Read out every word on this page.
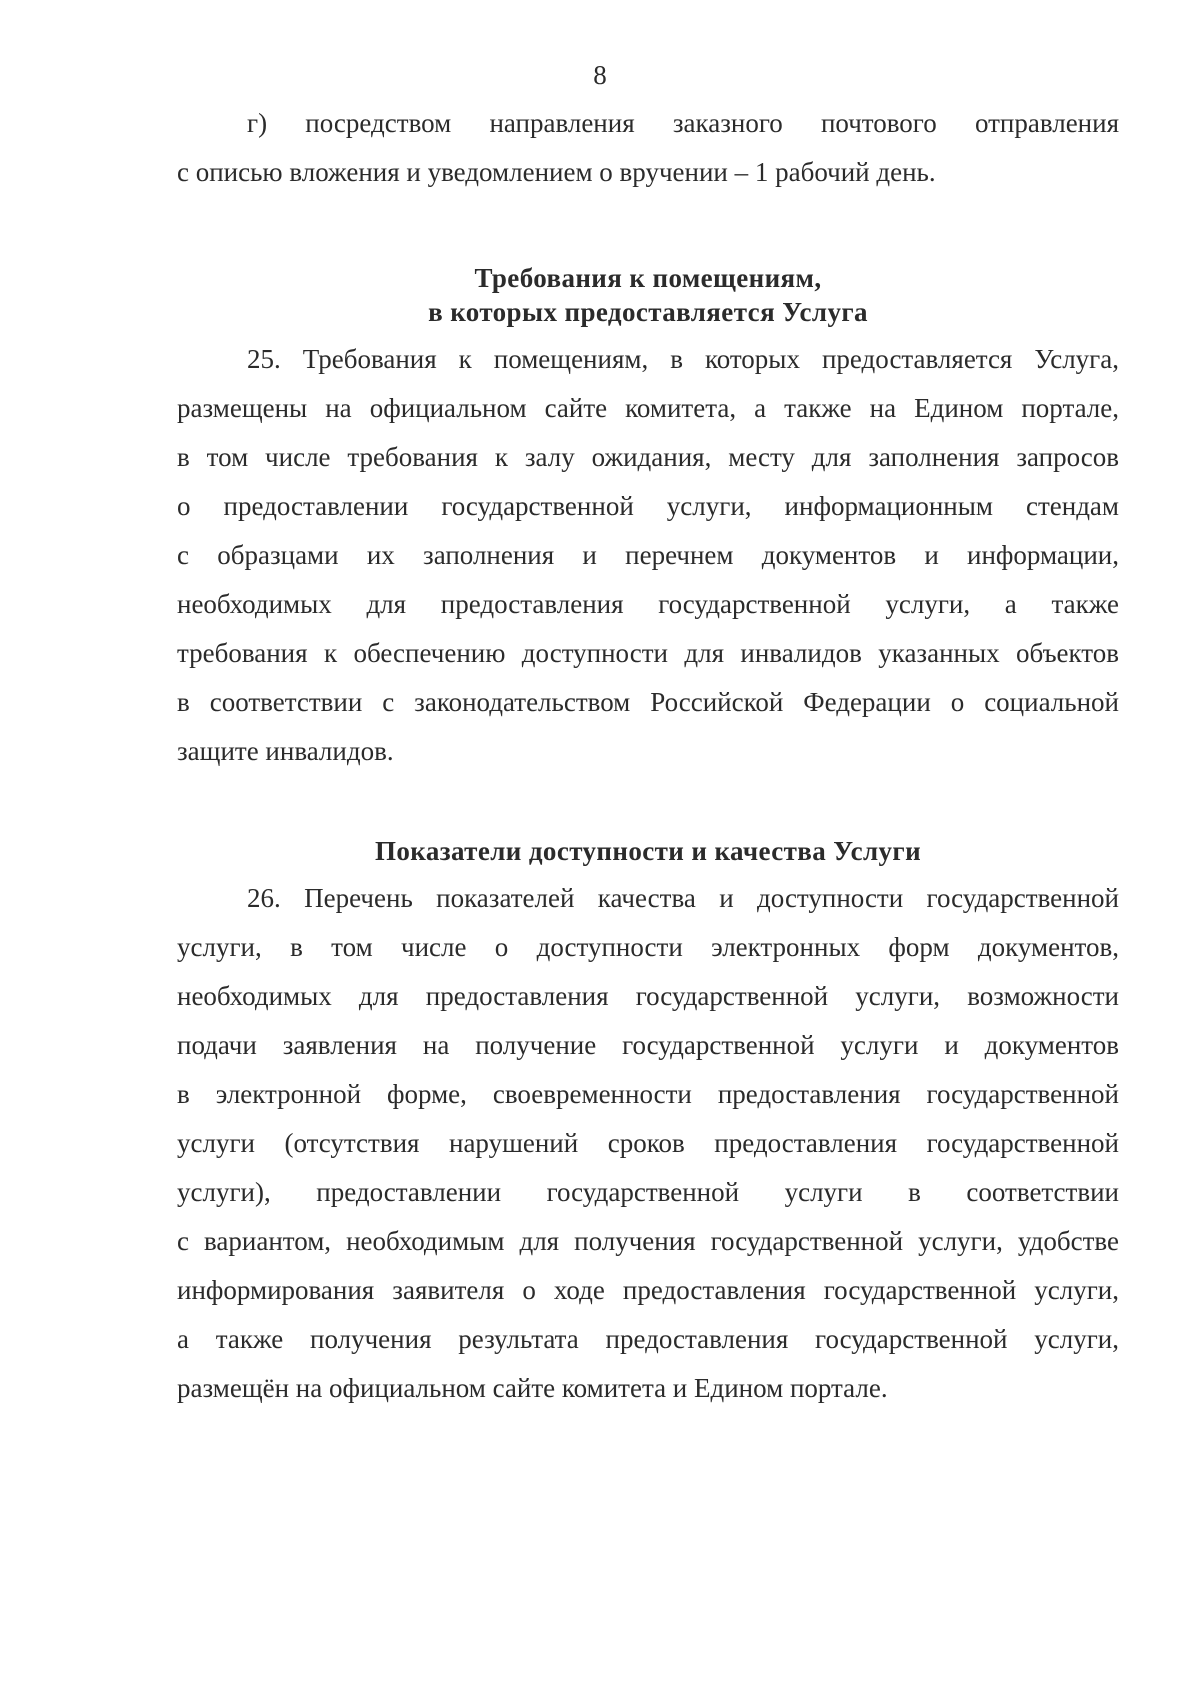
8
г) посредством направления заказного почтового отправления
с описью вложения и уведомлением о вручении – 1 рабочий день.
Требования к помещениям,
в которых предоставляется Услуга
25. Требования к помещениям, в которых предоставляется Услуга,
размещены на официальном сайте комитета, а также на Едином портале,
в том числе требования к залу ожидания, месту для заполнения запросов
о предоставлении государственной услуги, информационным стендам
с образцами их заполнения и перечнем документов и информации,
необходимых для предоставления государственной услуги, а также
требования к обеспечению доступности для инвалидов указанных объектов
в соответствии с законодательством Российской Федерации о социальной
защите инвалидов.
Показатели доступности и качества Услуги
26. Перечень показателей качества и доступности государственной
услуги, в том числе о доступности электронных форм документов,
необходимых для предоставления государственной услуги, возможности
подачи заявления на получение государственной услуги и документов
в электронной форме, своевременности предоставления государственной
услуги (отсутствия нарушений сроков предоставления государственной
услуги), предоставлении государственной услуги в соответствии
с вариантом, необходимым для получения государственной услуги, удобстве
информирования заявителя о ходе предоставления государственной услуги,
а также получения результата предоставления государственной услуги,
размещён на официальном сайте комитета и Едином портале.
